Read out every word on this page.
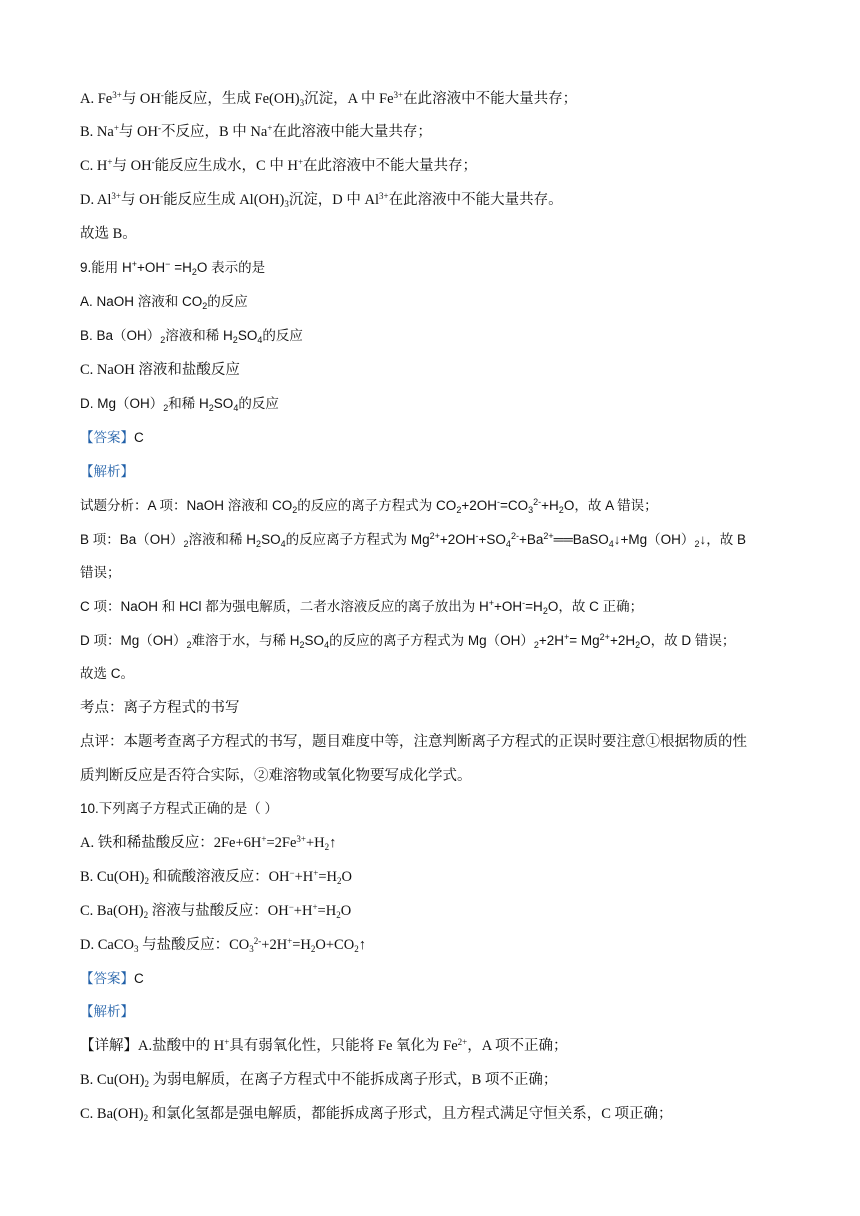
A. $Fe^{3+}$与 OH-能反应，生成 $Fe(OH)_3$沉淀，A 中 $Fe^{3+}$在此溶液中不能大量共存；
B. Na+与 OH-不反应，B 中 Na+在此溶液中能大量共存；
C. H+与 OH-能反应生成水，C 中 H+在此溶液中不能大量共存；
D. $Al^{3+}$与 OH-能反应生成 $Al(OH)_3$沉淀，D 中 $Al^{3+}$在此溶液中不能大量共存。
故选 B。
9.能用 $H^++OH^- =H_2O$ 表示的是
A. NaOH 溶液和 $CO_2$的反应
B. $Ba(OH)_2$溶液和稀 $H_2SO_4$的反应
C. NaOH 溶液和盐酸反应
D. $Mg(OH)_2$和稀 $H_2SO_4$的反应
【答案】C
【解析】
试题分析：A 项：NaOH 溶液和 $CO_2$的反应的离子方程式为 $CO_2+2OH^-=CO_3^{2-}+H_2O$，故 A 错误；
B 项：$Ba(OH)_2$溶液和稀 $H_2SO_4$的反应离子方程式为 $Mg^{2+}+2OH^-+SO_4^{2-}+Ba^{2+}══BaSO_4↓+Mg(OH)_2↓$，故 B
错误；
C 项：NaOH 和 HCl 都为强电解质，二者水溶液反应的离子放出为 $H^++OH^-=H_2O$，故 C 正确；
D 项：$Mg(OH)_2$难溶于水，与稀 $H_2SO_4$的反应的离子方程式为 $Mg(OH)_2+2H^+= Mg^{2+}+2H_2O$，故 D 错误；
故选 C。
考点：离子方程式的书写
点评：本题考查离子方程式的书写，题目难度中等，注意判断离子方程式的正误时要注意①根据物质的性
质判断反应是否符合实际，②难溶物或氧化物要写成化学式。
10.下列离子方程式正确的是（ ）
A. 铁和稀盐酸反应：$2Fe+6H^+=2Fe^{3+}+H_2↑$
B. $Cu(OH)_2$ 和硫酸溶液反应：$OH^-+H^+=H_2O$
C. $Ba(OH)_2$ 溶液与盐酸反应：$OH^-+H^+=H_2O$
D. CaCO$_3$ 与盐酸反应：$CO_3^{2-}+2H^+=H_2O+CO_2↑$
【答案】C
【解析】
【详解】A.盐酸中的 H+具有弱氧化性，只能将 Fe 氧化为 $Fe^{2+}$，A 项不正确；
B. $Cu(OH)_2$ 为弱电解质，在离子方程式中不能拆成离子形式，B 项不正确；
C. $Ba(OH)_2$ 和氯化氢都是强电解质，都能拆成离子形式，且方程式满足守恒关系，C 项正确；
